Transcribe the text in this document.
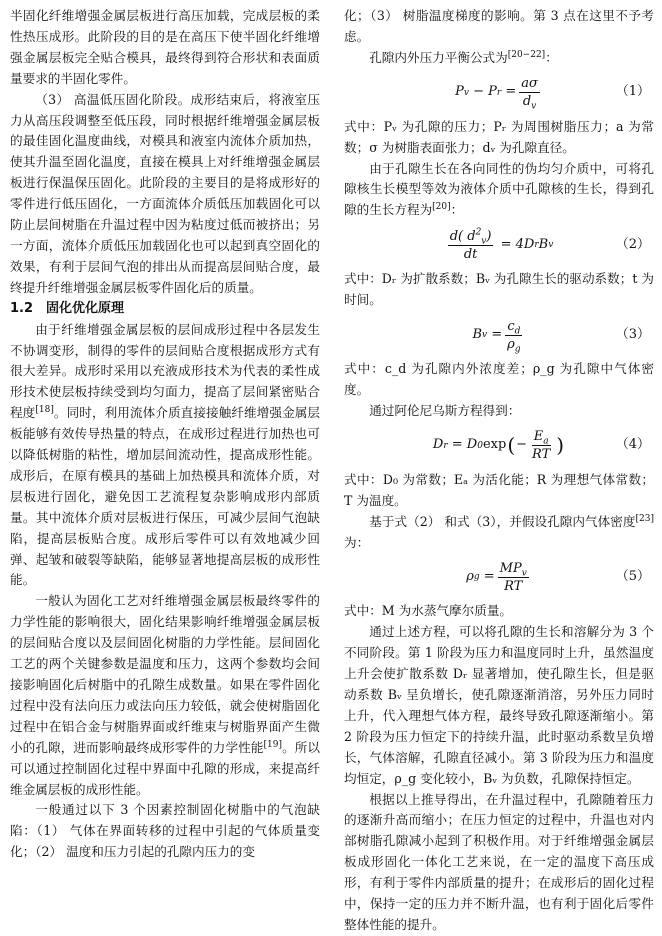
半固化纤维增强金属层板进行高压加载，完成层板的柔性热压成形。此阶段的目的是在高压下使半固化纤维增强金属层板完全贴合模具，最终得到符合形状和表面质量要求的半固化零件。

（3） 高温低压固化阶段。成形结束后，将液室压力从高压段调整至低压段，同时根据纤维增强金属层板的最佳固化温度曲线，对模具和液室内流体介质加热，使其升温至固化温度，直接在模具上对纤维增强金属层板进行保温保压固化。此阶段的主要目的是将成形好的零件进行低压固化，一方面流体介质低压加载固化可以防止层间树脂在升温过程中因为粘度过低而被挤出；另一方面，流体介质低压加载固化也可以起到真空固化的效果，有利于层间气泡的排出从而提高层间贴合度，最终提升纤维增强金属层板零件固化后的质量。

1.2　固化优化原理

由于纤维增强金属层板的层间成形过程中各层发生不协调变形，制得的零件的层间贴合度根据成形方式有很大差异。成形时采用以充液成形技术为代表的柔性成形技术使层板持续受到均匀面力，提高了层间紧密贴合程度[18]。同时，利用流体介质直接接触纤维增强金属层板能够有效传导热量的特点，在成形过程进行加热也可以降低树脂的粘性，增加层间流动性，提高成形性能。成形后，在原有模具的基础上加热模具和流体介质，对层板进行固化，避免因工艺流程复杂影响成形内部质量。其中流体介质对层板进行保压，可减少层间气泡缺陷，提高层板贴合度。成形后零件可以有效地减少回弹、起皱和破裂等缺陷，能够显著地提高层板的成形性能。

一般认为固化工艺对纤维增强金属层板最终零件的力学性能的影响很大，固化结果影响纤维增强金属层板的层间贴合度以及层间固化树脂的力学性能。层间固化工艺的两个关键参数是温度和压力，这两个参数均会间接影响固化后树脂中的孔隙生成数量。如果在零件固化过程中没有法向压力或法向压力较低，就会使树脂固化过程中在铝合金与树脂界面或纤维束与树脂界面产生微小的孔隙，进而影响最终成形零件的力学性能[19]。所以可以通过控制固化过程中界面中孔隙的形成，来提高纤维金属层板的成形性能。

一般通过以下 3 个因素控制固化树脂中的气泡缺陷：（1） 气体在界面转移的过程中引起的气体质量变化；（2） 温度和压力引起的孔隙内压力的变

化；（3） 树脂温度梯度的影响。第 3 点在这里不予考虑。

孔隙内外压力平衡公式为[20−22]：

P v
−
P r
= $\frac{a\sigma}{d_v}$	（1）

式中：Pᵥ 为孔隙的压力；Pᵣ 为周围树脂压力；a 为常数；σ 为树脂表面张力；dᵥ 为孔隙直径。

由于孔隙生长在各向同性的伪均匀介质中，可将孔隙核生长模型等效为液体介质中孔隙核的生长，得到孔隙的生长方程为[20]：

$\frac{d( d^2_v)}{dt}$
= 4D r B v	（2）

式中：Dᵣ 为扩散系数；Bᵥ 为孔隙生长的驱动系数；t 为时间。

B v
= $\frac{c_d}{\rho_g}$	（3）

式中：c_d 为孔隙内外浓度差；ρ_g 为孔隙中气体密度。

通过阿伦尼乌斯方程得到：

D r
= D 0 exp ( − $\frac{E_a}{RT}$ )	（4）

式中：D₀ 为常数；Eₐ 为活化能；R 为理想气体常数；T 为温度。

基于式（2） 和式（3），并假设孔隙内气体密度[23]为：

ρ g
= $\frac{MP_v}{RT}$	（5）

式中：M 为水蒸气摩尔质量。

通过上述方程，可以将孔隙的生长和溶解分为 3 个不同阶段。第 1 阶段为压力和温度同时上升，虽然温度上升会使扩散系数 Dᵣ 显著增加，使孔隙生长，但是驱动系数 Bᵥ 呈负增长，使孔隙逐渐消溶，另外压力同时上升，代入理想气体方程，最终导致孔隙逐渐缩小。第 2 阶段为压力恒定下的持续升温，此时驱动系数呈负增长，气体溶解，孔隙直径减小。第 3 阶段为压力和温度均恒定，ρ_g 变化较小，Bᵥ 为负数，孔隙保持恒定。

根据以上推导得出，在升温过程中，孔隙随着压力的逐渐升高而缩小；在压力恒定的过程中，升温也对内部树脂孔隙减小起到了积极作用。对于纤维增强金属层板成形固化一体化工艺来说，在一定的温度下高压成形，有利于零件内部质量的提升；在成形后的固化过程中，保持一定的压力并不断升温，也有利于固化后零件整体性能的提升。
